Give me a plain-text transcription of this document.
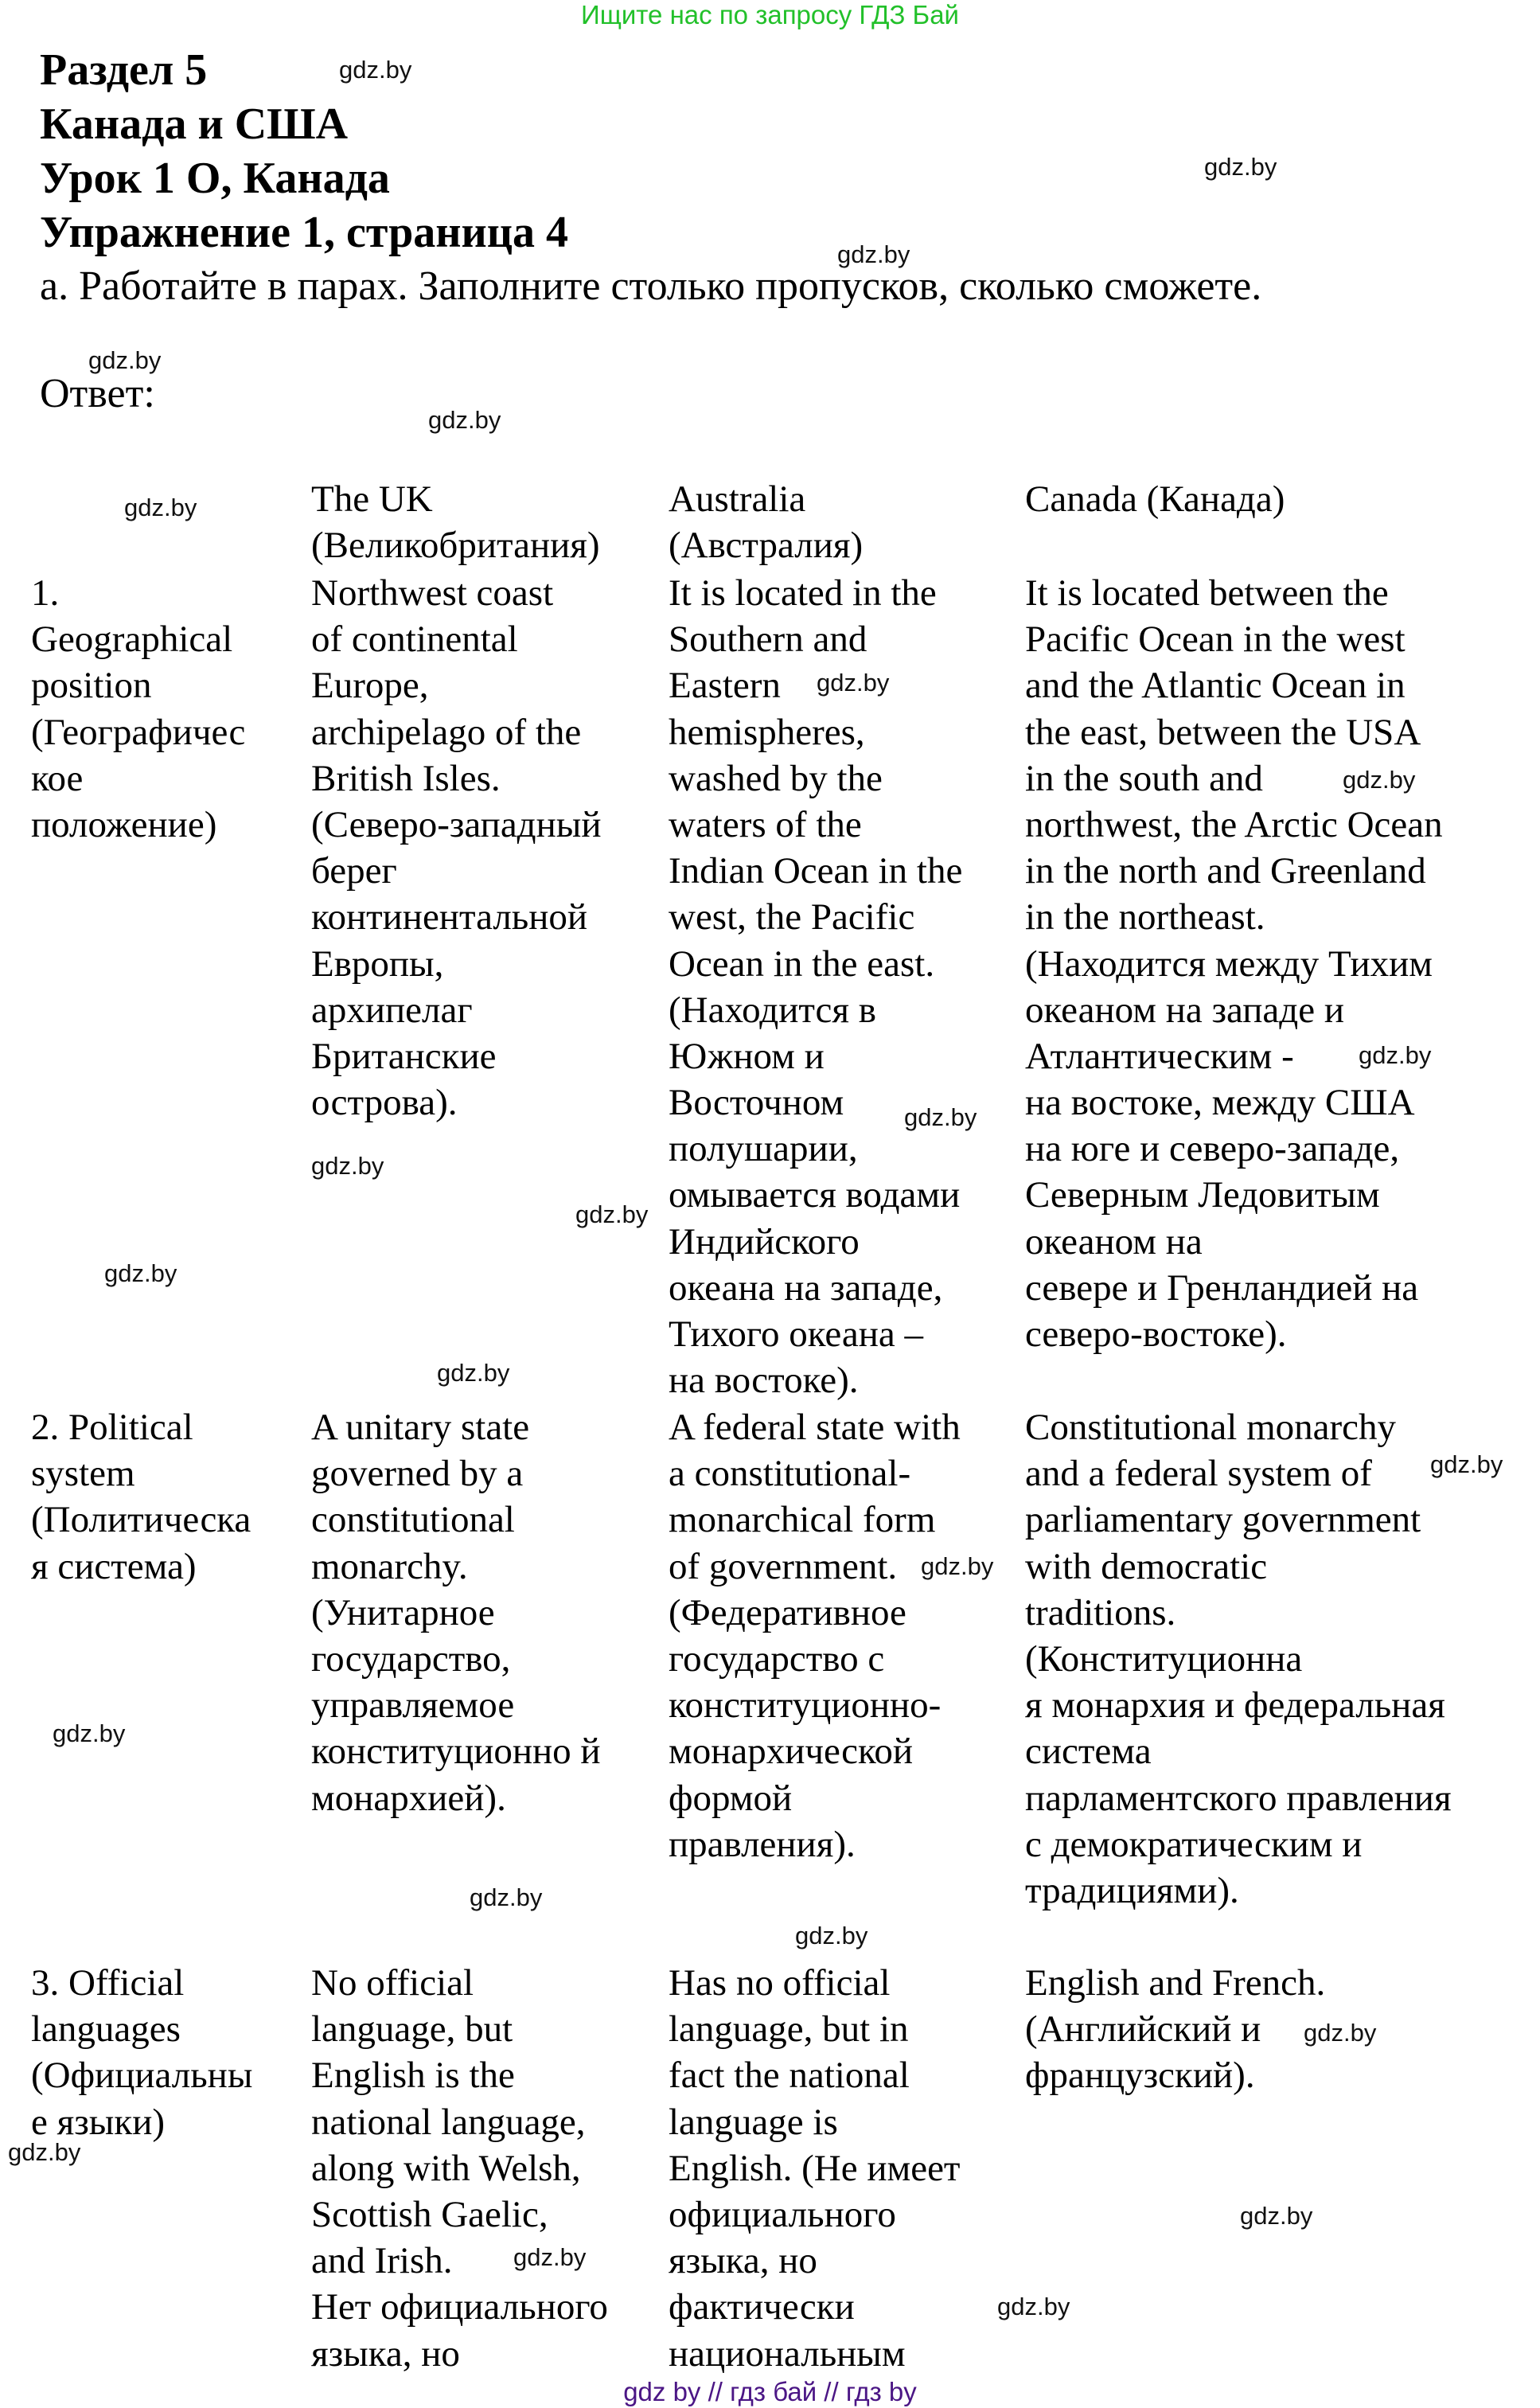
Ищите нас по запросу ГДЗ Бай
Раздел 5
Канада и США
Урок 1 О, Канада
Упражнение 1, страница 4
а. Работайте в парах. Заполните столько пропусков, сколько сможете.
Ответ:
The UK
(Великобритания)
Australia
(Австралия)
Canada (Канада)
1.
Geographical
position
(Географичес
кое
положение)
Northwest coast
of continental
Europe,
archipelago of the
British Isles.
(Северо-западный
берег
континентальной
Европы,
архипелаг
Британские
острова).
It is located in the
Southern and
Eastern
hemispheres,
washed by the
waters of the
Indian Ocean in the
west, the Pacific
Ocean in the east.
(Находится в
Южном и
Восточном
полушарии,
омывается водами
Индийского
океана на западе,
Тихого океана –
на востоке).
It is located between the
Pacific Ocean in the west
and the Atlantic Ocean in
the east, between the USA
in the south and
northwest, the Arctic Ocean
in the north and Greenland
in the northeast.
(Находится между Тихим
океаном на западе и
Атлантическим -
на востоке, между США
на юге и северо-западе,
Северным Ледовитым
океаном на
севере и Гренландией на
северо-востоке).
2. Political
system
(Политическа
я система)
A unitary state
governed by a
constitutional
monarchy.
(Унитарное
государство,
управляемое
конституционно й
монархией).
A federal state with
a constitutional-
monarchical form
of government.
(Федеративное
государство с
конституционно-
монархической
формой
правления).
Constitutional monarchy
and a federal system of
parliamentary government
with democratic
traditions.
(Конституционна
я монархия и федеральная
система
парламентского правления
с демократическим и
традициями).
3. Official
languages
(Официальны
е языки)
No official
language, but
English is the
national language,
along with Welsh,
Scottish Gaelic,
and Irish.
Нет официального
языка, но
Has no official
language, but in
fact the national
language is
English. (Не имеет
официального
языка, но
фактически
национальным
English and French.
(Английский и
французский).
gdz.by
gdz.by
gdz.by
gdz.by
gdz.by
gdz.by
gdz.by
gdz.by
gdz.by
gdz.by
gdz.by
gdz.by
gdz.by
gdz.by
gdz.by
gdz.by
gdz.by
gdz.by
gdz.by
gdz.by
gdz.by
gdz.by
gdz.by
gdz.by
gdz by // гдз бай // гдз by
